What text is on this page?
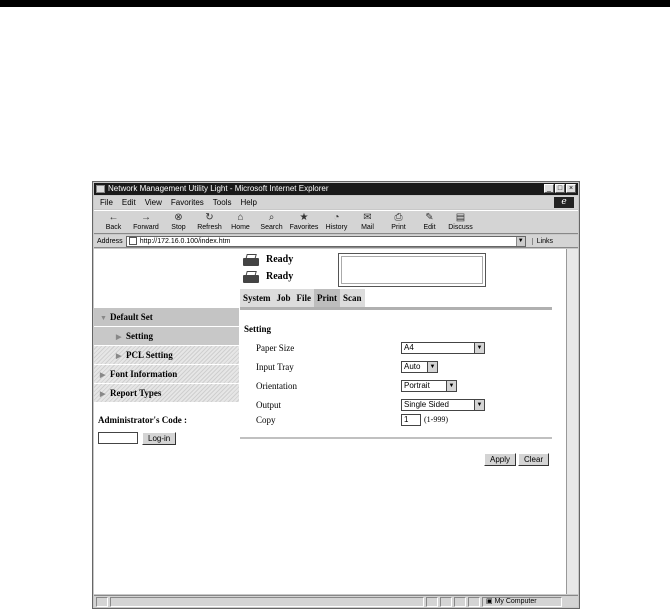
Network Management Utility Light - Microsoft Internet Explorer	_ □ ×
File Edit View Favorites Tools Help	e
←
Back
→
Forward
⊗
Stop
↻
Refresh
⌂
Home
⌕
Search
★
Favorites
◔
History
✉
Mail
⎙
Print
✎
Edit
▤
Discuss
Address http://172.16.0.100/index.htm	▼	Links
Ready
Ready
System Job File Print Scan
▼ Default Set
▶ Setting
▶ PCL Setting
▶ Font Information
▶ Report Types
Administrator's Code :
Log-in
Setting
Paper Size	A4	▼
Input Tray	Auto	▼
Orientation	Portrait	▼
Output	Single Sided	▼
Copy	1	(1-999)
Apply	Clear
▣ My Computer
